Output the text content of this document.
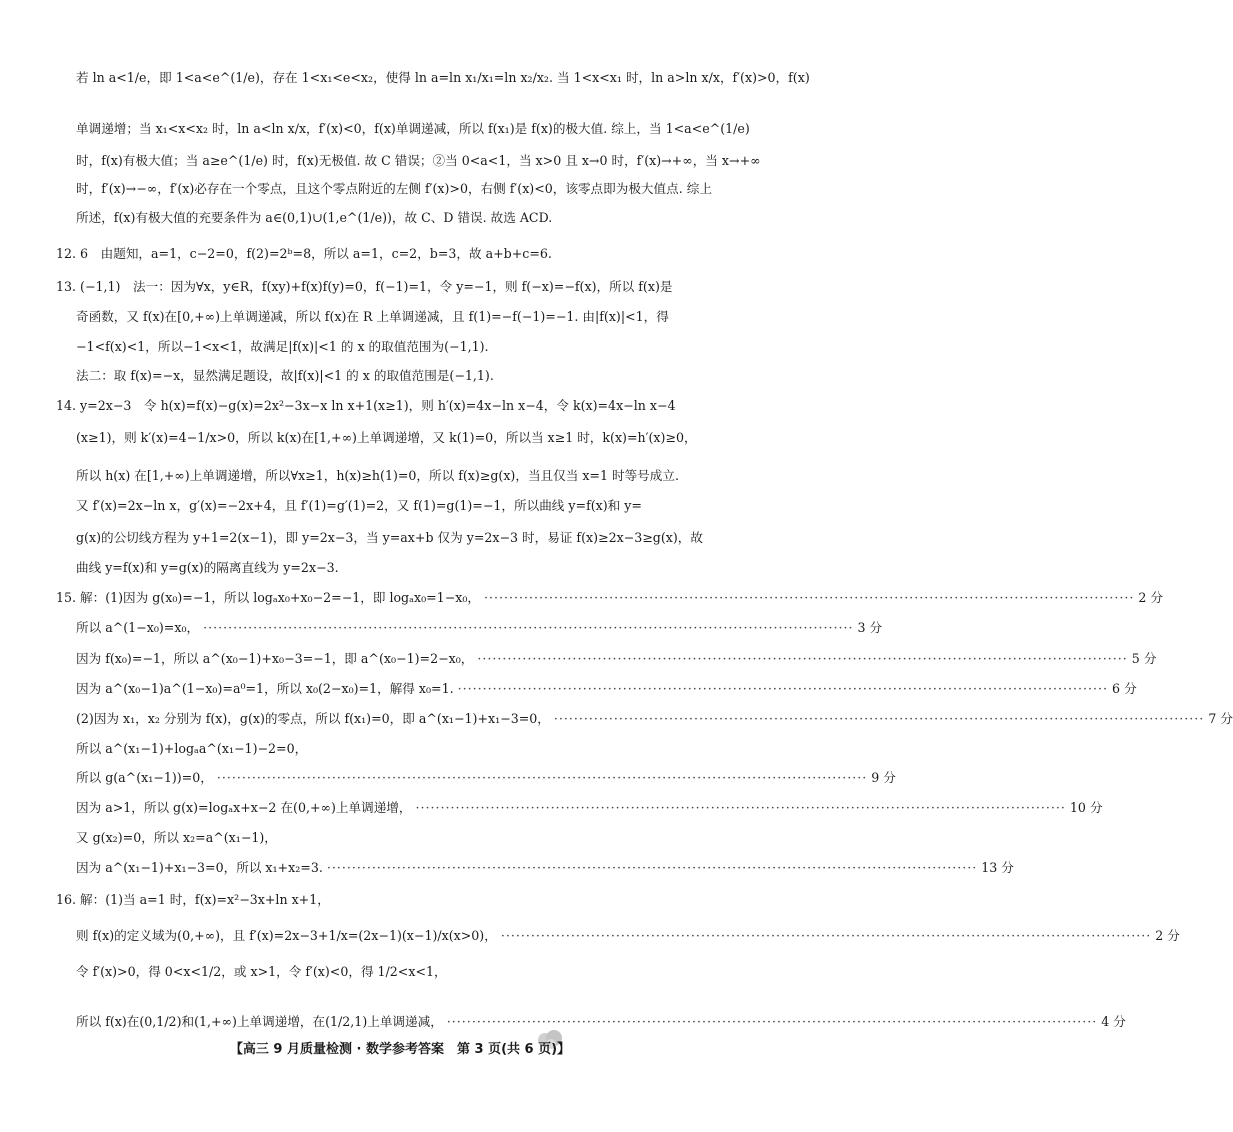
若 ln a<1/e，即 1<a<e^(1/e)，存在 1<x₁<e<x₂，使得 ln a=ln x₁/x₁=ln x₂/x₂. 当 1<x<x₁ 时，ln a>ln x/x，f′(x)>0，f(x)
单调递增；当 x₁<x<x₂ 时，ln a<ln x/x，f′(x)<0，f(x)单调递减，所以 f(x₁)是 f(x)的极大值. 综上，当 1<a<e^(1/e)
时，f(x)有极大值；当 a≥e^(1/e) 时，f(x)无极值. 故 C 错误；②当 0<a<1，当 x>0 且 x→0 时，f′(x)→+∞，当 x→+∞
时，f′(x)→−∞，f′(x)必存在一个零点，且这个零点附近的左侧 f′(x)>0，右侧 f′(x)<0，该零点即为极大值点. 综上
所述，f(x)有极大值的充要条件为 a∈(0,1)∪(1,e^(1/e))，故 C、D 错误. 故选 ACD.
12. 6　由题知，a=1，c−2=0，f(2)=2ᵇ=8，所以 a=1，c=2，b=3，故 a+b+c=6.
13. (−1,1)　法一：因为∀x，y∈R，f(xy)+f(x)f(y)=0，f(−1)=1，令 y=−1，则 f(−x)=−f(x)，所以 f(x)是
奇函数，又 f(x)在[0,+∞)上单调递减，所以 f(x)在 R 上单调递减，且 f(1)=−f(−1)=−1. 由|f(x)|<1，得
−1<f(x)<1，所以−1<x<1，故满足|f(x)|<1 的 x 的取值范围为(−1,1).
法二：取 f(x)=−x，显然满足题设，故|f(x)|<1 的 x 的取值范围是(−1,1).
14. y=2x−3　令 h(x)=f(x)−g(x)=2x²−3x−x ln x+1(x≥1)，则 h′(x)=4x−ln x−4，令 k(x)=4x−ln x−4
(x≥1)，则 k′(x)=4−1/x>0，所以 k(x)在[1,+∞)上单调递增，又 k(1)=0，所以当 x≥1 时，k(x)=h′(x)≥0，
所以 h(x) 在[1,+∞)上单调递增，所以∀x≥1，h(x)≥h(1)=0，所以 f(x)≥g(x)，当且仅当 x=1 时等号成立.
又 f′(x)=2x−ln x，g′(x)=−2x+4，且 f′(1)=g′(1)=2，又 f(1)=g(1)=−1，所以曲线 y=f(x)和 y=
g(x)的公切线方程为 y+1=2(x−1)，即 y=2x−3，当 y=ax+b 仅为 y=2x−3 时，易证 f(x)≥2x−3≥g(x)，故
曲线 y=f(x)和 y=g(x)的隔离直线为 y=2x−3.
15. 解：(1)因为 g(x₀)=−1，所以 logₐx₀+x₀−2=−1，即 logₐx₀=1−x₀， ·································································································································· 2 分
所以 a^(1−x₀)=x₀， ·································································································································· 3 分
因为 f(x₀)=−1，所以 a^(x₀−1)+x₀−3=−1，即 a^(x₀−1)=2−x₀， ·································································································································· 5 分
因为 a^(x₀−1)a^(1−x₀)=a⁰=1，所以 x₀(2−x₀)=1，解得 x₀=1. ·································································································································· 6 分
(2)因为 x₁，x₂ 分别为 f(x)，g(x)的零点，所以 f(x₁)=0，即 a^(x₁−1)+x₁−3=0， ·································································································································· 7 分
所以 a^(x₁−1)+logₐa^(x₁−1)−2=0，
所以 g(a^(x₁−1))=0， ·································································································································· 9 分
因为 a>1，所以 g(x)=logₐx+x−2 在(0,+∞)上单调递增， ·································································································································· 10 分
又 g(x₂)=0，所以 x₂=a^(x₁−1)，
因为 a^(x₁−1)+x₁−3=0，所以 x₁+x₂=3. ·································································································································· 13 分
16. 解：(1)当 a=1 时，f(x)=x²−3x+ln x+1，
则 f(x)的定义域为(0,+∞)，且 f′(x)=2x−3+1/x=(2x−1)(x−1)/x(x>0)， ·································································································································· 2 分
令 f′(x)>0，得 0<x<1/2，或 x>1，令 f′(x)<0，得 1/2<x<1，
所以 f(x)在(0,1/2)和(1,+∞)上单调递增，在(1/2,1)上单调递减， ·································································································································· 4 分
【高三 9 月质量检测 · 数学参考答案　第 3 页(共 6 页)】
